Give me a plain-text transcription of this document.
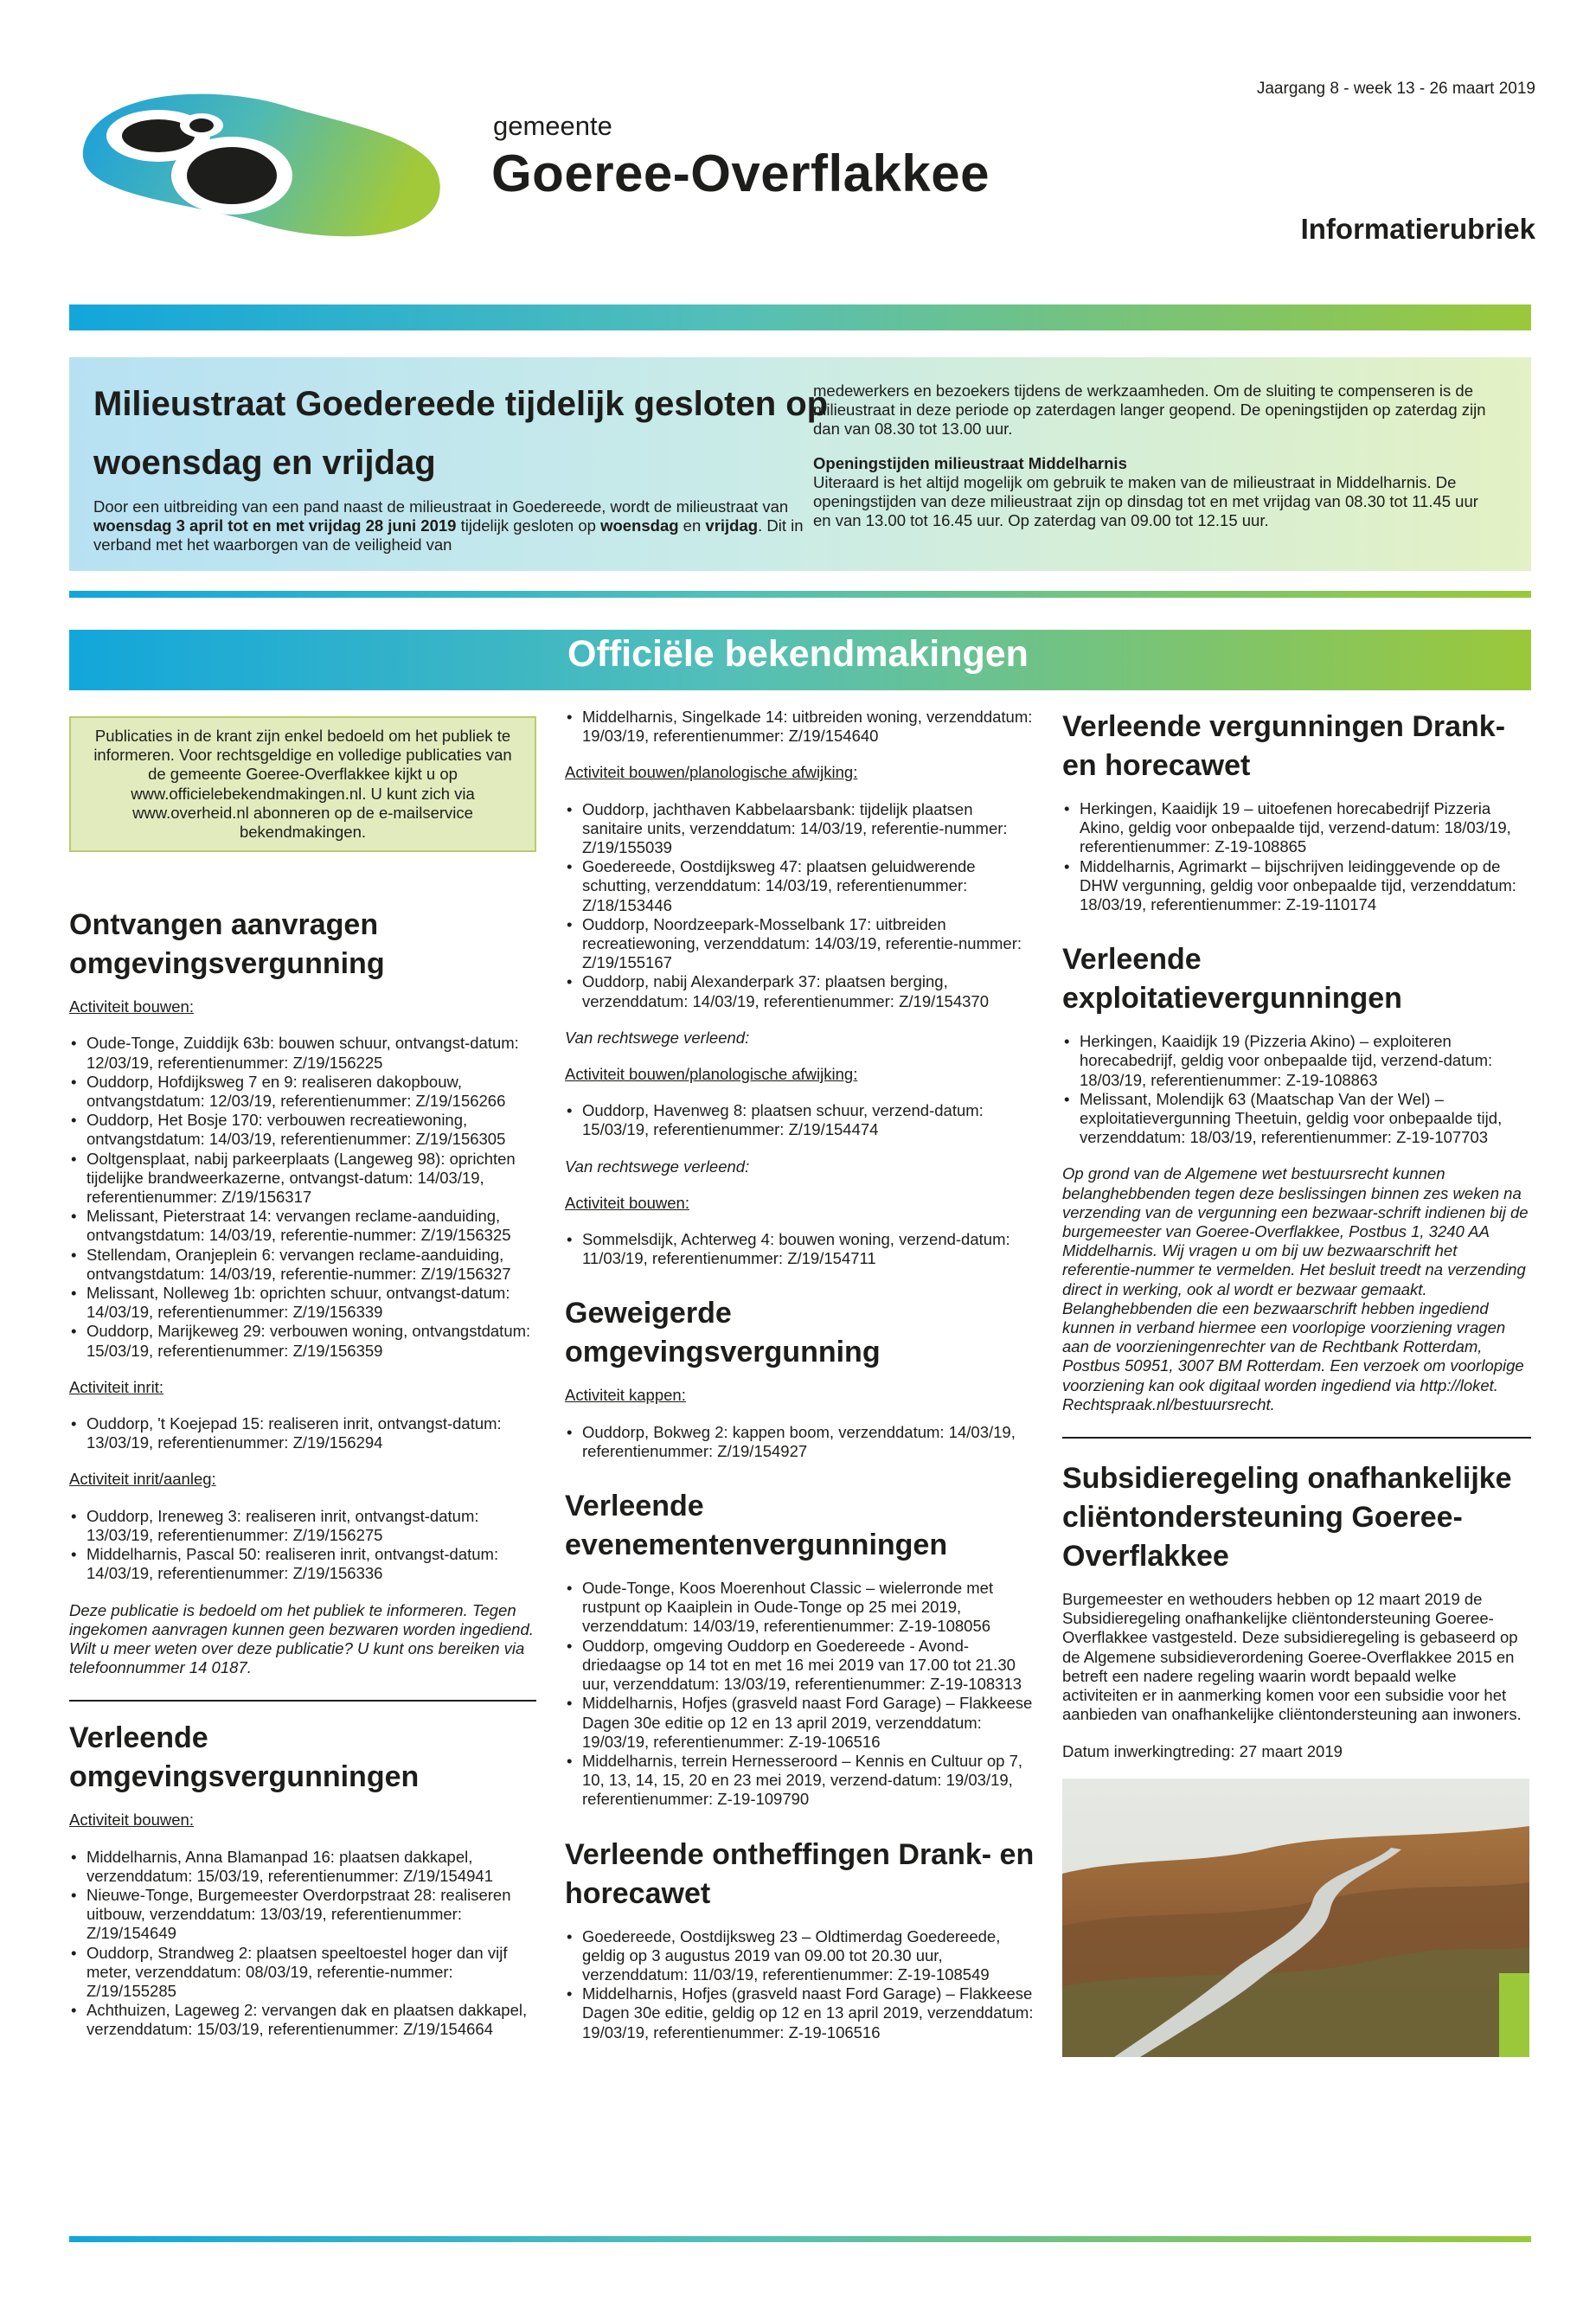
gemeente
Goeree-Overflakkee
Jaargang 8 - week 13 - 26 maart 2019
Informatierubriek
Milieustraat Goedereede tijdelijk gesloten op woensdag en vrijdag
Door een uitbreiding van een pand naast de milieustraat in Goedereede, wordt de milieustraat van woensdag 3 april tot en met vrijdag 28 juni 2019 tijdelijk gesloten op woensdag en vrijdag. Dit in verband met het waarborgen van de veiligheid van

medewerkers en bezoekers tijdens de werkzaamheden. Om de sluiting te compenseren is de milieustraat in deze periode op zaterdagen langer geopend. De openingstijden op zaterdag zijn dan van 08.30 tot 13.00 uur.

Openingstijden milieustraat Middelharnis
Uiteraard is het altijd mogelijk om gebruik te maken van de milieustraat in Middelharnis. De openingstijden van deze milieustraat zijn op dinsdag tot en met vrijdag van 08.30 tot 11.45 uur en van 13.00 tot 16.45 uur. Op zaterdag van 09.00 tot 12.15 uur.

Officiële bekendmakingen
Publicaties in de krant zijn enkel bedoeld om het publiek te informeren. Voor rechtsgeldige en volledige publicaties van de gemeente Goeree-Overflakkee kijkt u op www.officielebekendmakingen.nl. U kunt zich via www.overheid.nl abonneren op de e-mailservice bekendmakingen.
Ontvangen aanvragen omgevingsvergunning
Activiteit bouwen:
• Oude-Tonge, Zuiddijk 63b: bouwen schuur, ontvangst-datum: 12/03/19, referentienummer: Z/19/156225
• Ouddorp, Hofdijksweg 7 en 9: realiseren dakopbouw, ontvangstdatum: 12/03/19, referentienummer: Z/19/156266
• Ouddorp, Het Bosje 170: verbouwen recreatiewoning, ontvangstdatum: 14/03/19, referentienummer: Z/19/156305
• Ooltgensplaat, nabij parkeerplaats (Langeweg 98): oprichten tijdelijke brandweerkazerne, ontvangst-datum: 14/03/19, referentienummer: Z/19/156317
• Melissant, Pieterstraat 14: vervangen reclame-aanduiding, ontvangstdatum: 14/03/19, referentie-nummer: Z/19/156325
• Stellendam, Oranjeplein 6: vervangen reclame-aanduiding, ontvangstdatum: 14/03/19, referentie-nummer: Z/19/156327
• Melissant, Nolleweg 1b: oprichten schuur, ontvangst-datum: 14/03/19, referentienummer: Z/19/156339
• Ouddorp, Marijkeweg 29: verbouwen woning, ontvangstdatum: 15/03/19, referentienummer: Z/19/156359
Activiteit inrit:
• Ouddorp, 't Koejepad 15: realiseren inrit, ontvangst-datum: 13/03/19, referentienummer: Z/19/156294
Activiteit inrit/aanleg:
• Ouddorp, Ireneweg 3: realiseren inrit, ontvangst-datum: 13/03/19, referentienummer: Z/19/156275
• Middelharnis, Pascal 50: realiseren inrit, ontvangst-datum: 14/03/19, referentienummer: Z/19/156336
Deze publicatie is bedoeld om het publiek te informeren. Tegen ingekomen aanvragen kunnen geen bezwaren worden ingediend. Wilt u meer weten over deze publicatie? U kunt ons bereiken via telefoonnummer 14 0187.
Verleende omgevingsvergunningen
Activiteit bouwen:
• Middelharnis, Anna Blamanpad 16: plaatsen dakkapel, verzenddatum: 15/03/19, referentienummer: Z/19/154941
• Nieuwe-Tonge, Burgemeester Overdorpstraat 28: realiseren uitbouw, verzenddatum: 13/03/19, referentienummer: Z/19/154649
• Ouddorp, Strandweg 2: plaatsen speeltoestel hoger dan vijf meter, verzenddatum: 08/03/19, referentie-nummer: Z/19/155285
• Achthuizen, Lageweg 2: vervangen dak en plaatsen dakkapel, verzenddatum: 15/03/19, referentienummer: Z/19/154664
• Middelharnis, Singelkade 14: uitbreiden woning, verzenddatum: 19/03/19, referentienummer: Z/19/154640
Activiteit bouwen/planologische afwijking:
• Ouddorp, jachthaven Kabbelaarsbank: tijdelijk plaatsen sanitaire units, verzenddatum: 14/03/19, referentie-nummer: Z/19/155039
• Goedereede, Oostdijksweg 47: plaatsen geluidwerende schutting, verzenddatum: 14/03/19, referentienummer: Z/18/153446
• Ouddorp, Noordzeepark-Mosselbank 17: uitbreiden recreatiewoning, verzenddatum: 14/03/19, referentie-nummer: Z/19/155167
• Ouddorp, nabij Alexanderpark 37: plaatsen berging, verzenddatum: 14/03/19, referentienummer: Z/19/154370
Van rechtswege verleend:
Activiteit bouwen/planologische afwijking:
• Ouddorp, Havenweg 8: plaatsen schuur, verzend-datum: 15/03/19, referentienummer: Z/19/154474
Van rechtswege verleend:
Activiteit bouwen:
• Sommelsdijk, Achterweg 4: bouwen woning, verzend-datum: 11/03/19, referentienummer: Z/19/154711
Geweigerde omgevingsvergunning
Activiteit kappen:
• Ouddorp, Bokweg 2: kappen boom, verzenddatum: 14/03/19, referentienummer: Z/19/154927
Verleende evenementenvergunningen
• Oude-Tonge, Koos Moerenhout Classic – wielerronde met rustpunt op Kaaiplein in Oude-Tonge op 25 mei 2019, verzenddatum: 14/03/19, referentienummer: Z-19-108056
• Ouddorp, omgeving Ouddorp en Goedereede - Avond-driedaagse op 14 tot en met 16 mei 2019 van 17.00 tot 21.30 uur, verzenddatum: 13/03/19, referentienummer: Z-19-108313
• Middelharnis, Hofjes (grasveld naast Ford Garage) – Flakkeese Dagen 30e editie op 12 en 13 april 2019, verzenddatum: 19/03/19, referentienummer: Z-19-106516
• Middelharnis, terrein Hernesseroord – Kennis en Cultuur op 7, 10, 13, 14, 15, 20 en 23 mei 2019, verzend-datum: 19/03/19, referentienummer: Z-19-109790
Verleende ontheffingen Drank- en horecawet
• Goedereede, Oostdijksweg 23 – Oldtimerdag Goedereede, geldig op 3 augustus 2019 van 09.00 tot 20.30 uur, verzenddatum: 11/03/19, referentienummer: Z-19-108549
• Middelharnis, Hofjes (grasveld naast Ford Garage) – Flakkeese Dagen 30e editie, geldig op 12 en 13 april 2019, verzenddatum: 19/03/19, referentienummer: Z-19-106516
Verleende vergunningen Drank- en horecawet
• Herkingen, Kaaidijk 19 – uitoefenen horecabedrijf Pizzeria Akino, geldig voor onbepaalde tijd, verzend-datum: 18/03/19, referentienummer: Z-19-108865
• Middelharnis, Agrimarkt – bijschrijven leidinggevende op de DHW vergunning, geldig voor onbepaalde tijd, verzenddatum: 18/03/19, referentienummer: Z-19-110174
Verleende exploitatievergunningen
• Herkingen, Kaaidijk 19 (Pizzeria Akino) – exploiteren horecabedrijf, geldig voor onbepaalde tijd, verzend-datum: 18/03/19, referentienummer: Z-19-108863
• Melissant, Molendijk 63 (Maatschap Van der Wel) – exploitatievergunning Theetuin, geldig voor onbepaalde tijd, verzenddatum: 18/03/19, referentienummer: Z-19-107703
Op grond van de Algemene wet bestuursrecht kunnen belanghebbenden tegen deze beslissingen binnen zes weken na verzending van de vergunning een bezwaar-schrift indienen bij de burgemeester van Goeree-Overflakkee, Postbus 1, 3240 AA Middelharnis. Wij vragen u om bij uw bezwaarschrift het referentie-nummer te vermelden. Het besluit treedt na verzending direct in werking, ook al wordt er bezwaar gemaakt. Belanghebbenden die een bezwaarschrift hebben ingediend kunnen in verband hiermee een voorlopige voorziening vragen aan de voorzieningenrechter van de Rechtbank Rotterdam, Postbus 50951, 3007 BM Rotterdam. Een verzoek om voorlopige voorziening kan ook digitaal worden ingediend via http://loket. Rechtspraak.nl/bestuursrecht.
Subsidieregeling onafhankelijke cliëntondersteuning Goeree-Overflakkee

Burgemeester en wethouders hebben op 12 maart 2019 de Subsidieregeling onafhankelijke cliëntondersteuning Goeree-Overflakkee vastgesteld. Deze subsidieregeling is gebaseerd op de Algemene subsidieverordening Goeree-Overflakkee 2015 en betreft een nadere regeling waarin wordt bepaald welke activiteiten er in aanmerking komen voor een subsidie voor het aanbieden van onafhankelijke cliëntondersteuning aan inwoners.

Datum inwerkingtreding: 27 maart 2019
